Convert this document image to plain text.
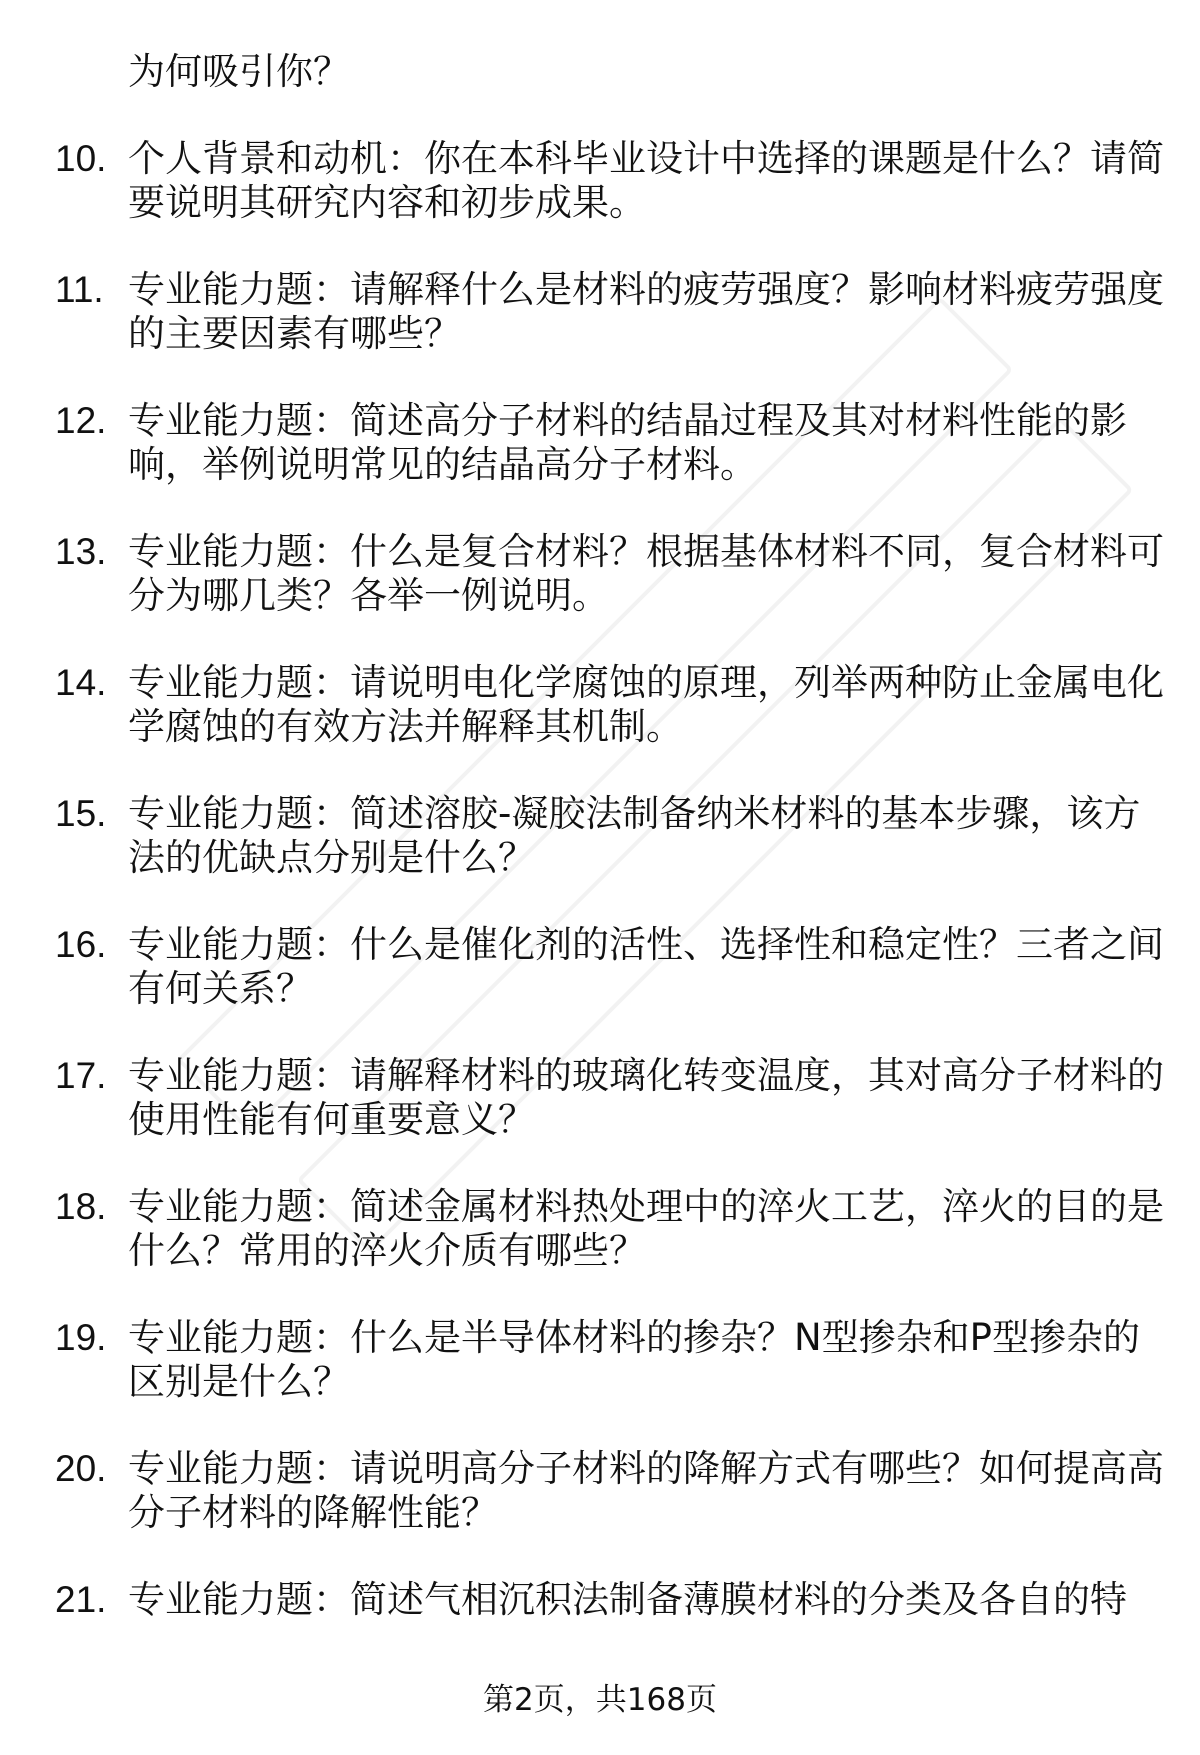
为何吸引你？
10. 个人背景和动机：你在本科毕业设计中选择的课题是什么？请简要说明其研究内容和初步成果。
11. 专业能力题：请解释什么是材料的疲劳强度？影响材料疲劳强度的主要因素有哪些？
12. 专业能力题：简述高分子材料的结晶过程及其对材料性能的影响，举例说明常见的结晶高分子材料。
13. 专业能力题：什么是复合材料？根据基体材料不同，复合材料可分为哪几类？各举一例说明。
14. 专业能力题：请说明电化学腐蚀的原理，列举两种防止金属电化学腐蚀的有效方法并解释其机制。
15. 专业能力题：简述溶胶-凝胶法制备纳米材料的基本步骤，该方法的优缺点分别是什么？
16. 专业能力题：什么是催化剂的活性、选择性和稳定性？三者之间有何关系？
17. 专业能力题：请解释材料的玻璃化转变温度，其对高分子材料的使用性能有何重要意义？
18. 专业能力题：简述金属材料热处理中的淬火工艺，淬火的目的是什么？常用的淬火介质有哪些？
19. 专业能力题：什么是半导体材料的掺杂？N型掺杂和P型掺杂的区别是什么？
20. 专业能力题：请说明高分子材料的降解方式有哪些？如何提高高分子材料的降解性能？
21. 专业能力题：简述气相沉积法制备薄膜材料的分类及各自的特
第2页，共168页
